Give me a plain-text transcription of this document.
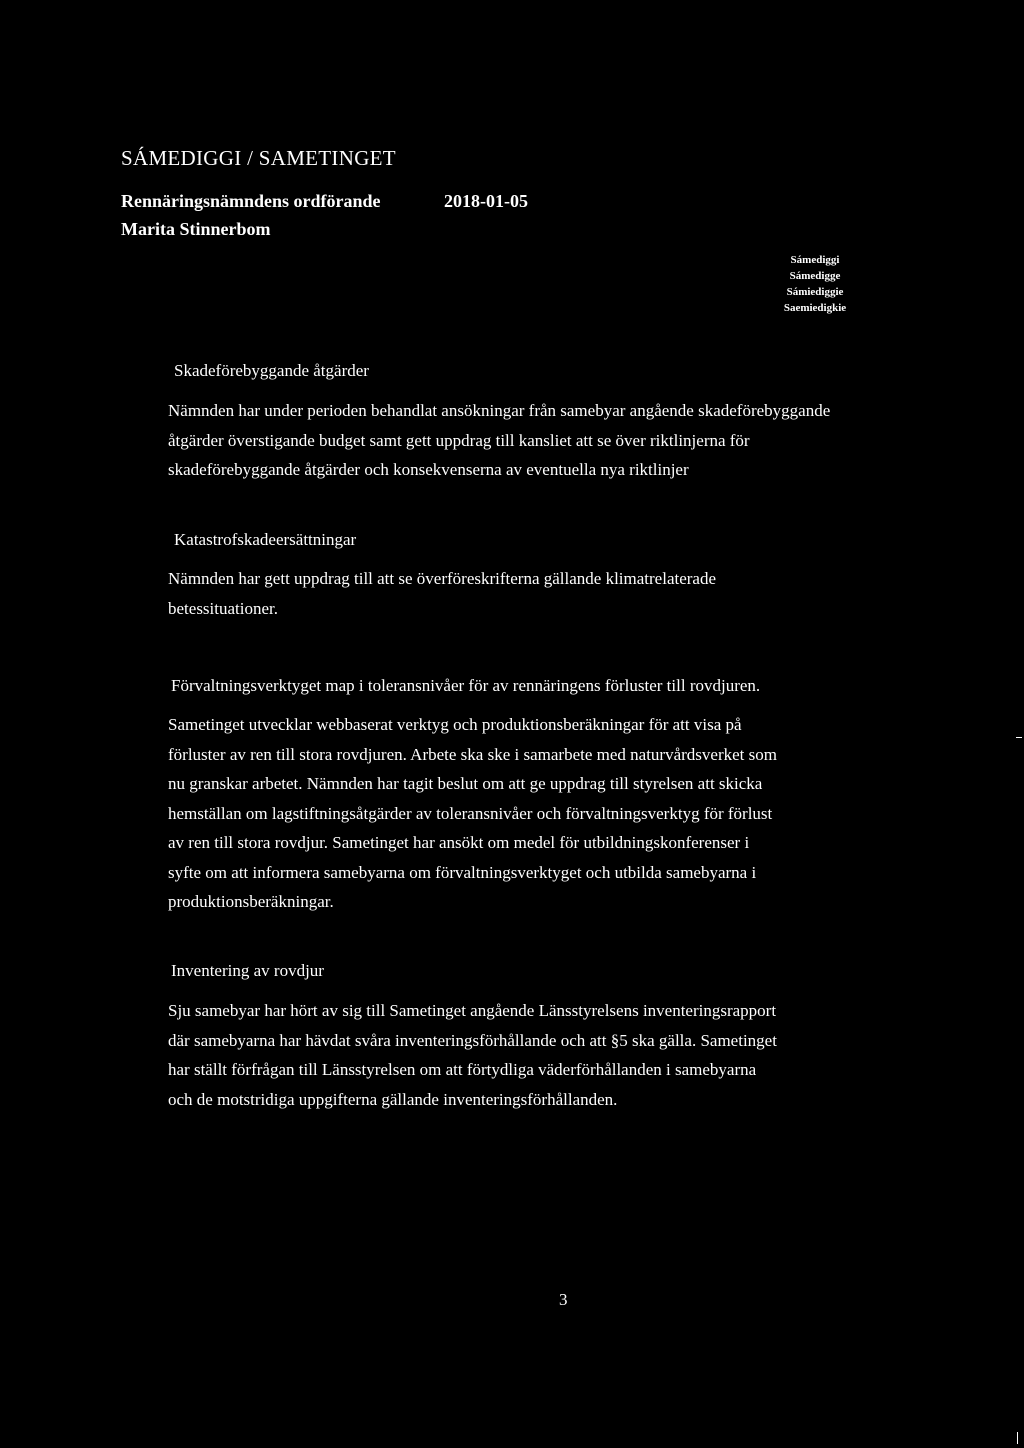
SÁMEDIGGI / SAMETINGET
Rennäringsnämndens ordförande	2018-01-05
Marita Stinnerbom
Sámediggi
Sámedigge
Sámiediggie
Saemiedigkie
Skadeförebyggande åtgärder
Nämnden har under perioden behandlat ansökningar från samebyar angående skadeförebyggande
åtgärder överstigande budget samt gett uppdrag till kansliet att se över riktlinjerna för
skadeförebyggande åtgärder och konsekvenserna av eventuella nya riktlinjer
Katastrofskadeersättningar
Nämnden har gett uppdrag till att se överföreskrifterna gällande klimatrelaterade
betessituationer.
Förvaltningsverktyget map i toleransnivåer för av rennäringens förluster till rovdjuren.
Sametinget utvecklar webbaserat verktyg och produktionsberäkningar för att visa på
förluster av ren till stora rovdjuren. Arbete ska ske i samarbete med naturvårdsverket som
nu granskar arbetet. Nämnden har tagit beslut om att ge uppdrag till styrelsen att skicka
hemställan om lagstiftningsåtgärder av toleransnivåer och förvaltningsverktyg för förlust
av ren till stora rovdjur. Sametinget har ansökt om medel för utbildningskonferenser i
syfte om att informera samebyarna om förvaltningsverktyget och utbilda samebyarna i
produktionsberäkningar.
Inventering av rovdjur
Sju samebyar har hört av sig till Sametinget angående Länsstyrelsens inventeringsrapport
där samebyarna har hävdat svåra inventeringsförhållande och att §5 ska gälla. Sametinget
har ställt förfrågan till Länsstyrelsen om att förtydliga väderförhållanden i samebyarna
och de motstridiga uppgifterna gällande inventeringsförhållanden.
3
